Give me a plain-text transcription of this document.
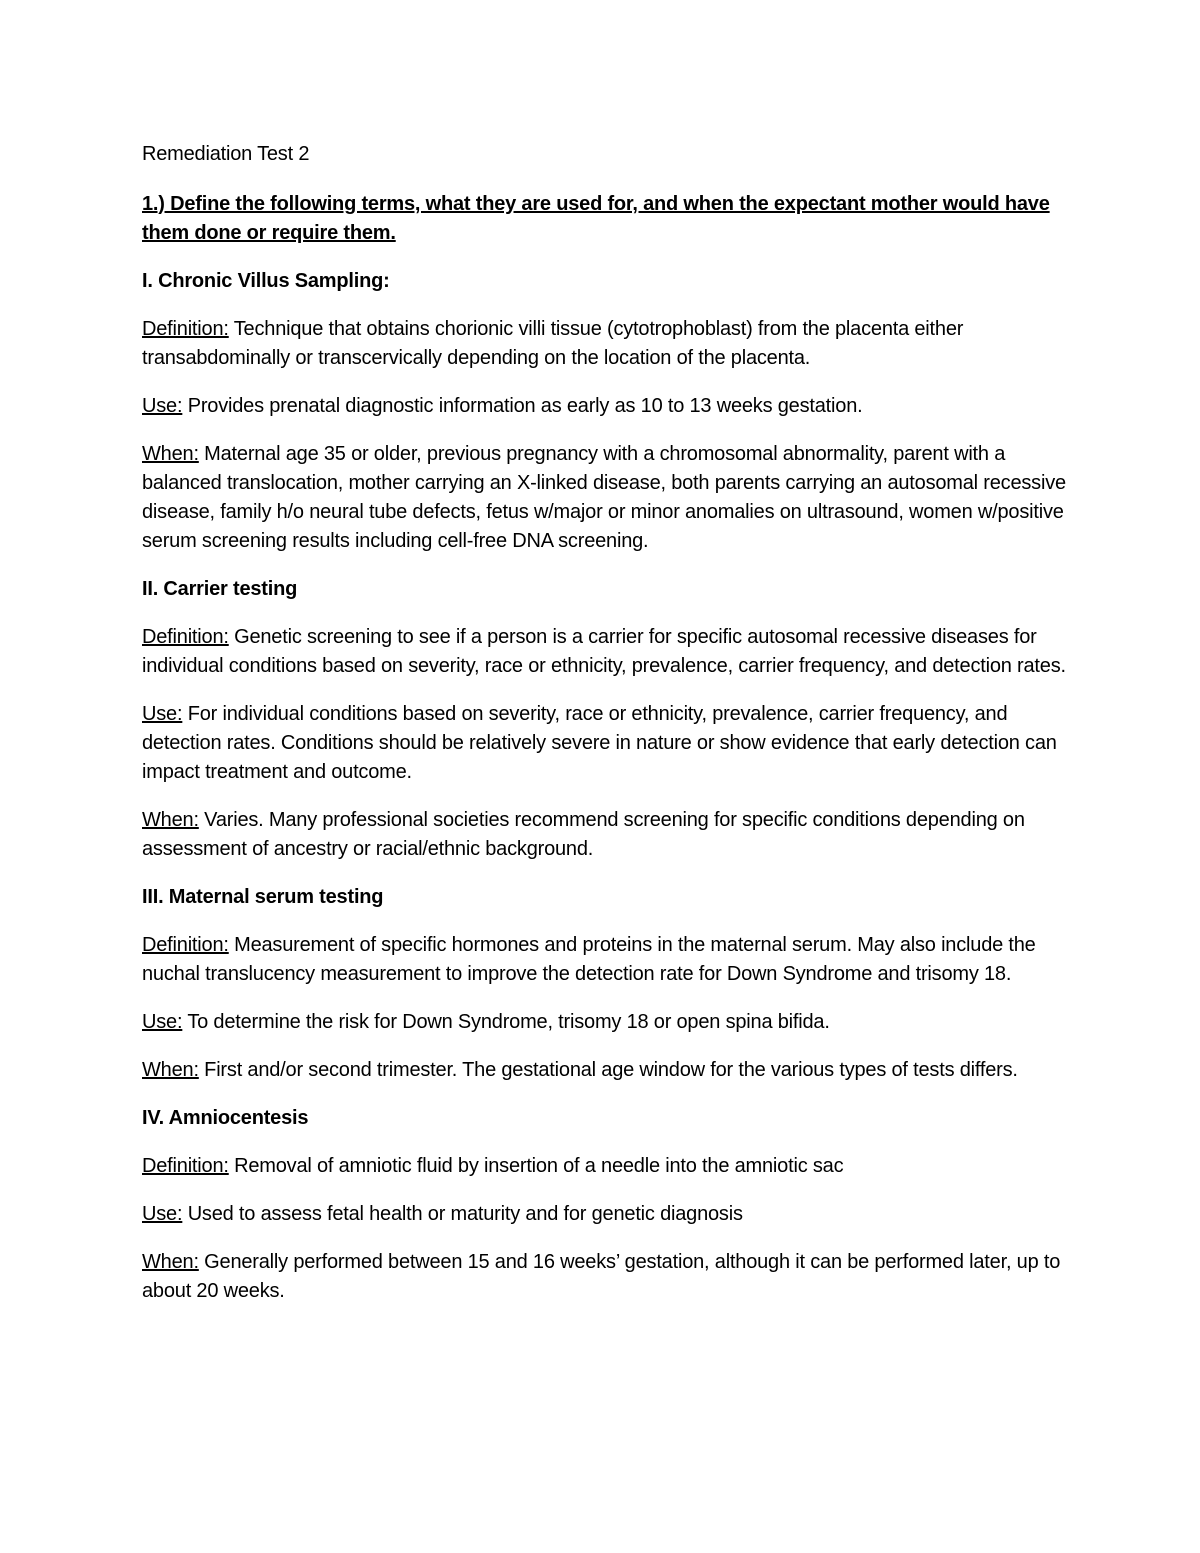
Remediation Test 2

1.) Define the following terms, what they are used for, and when the expectant mother would have them done or require them.

I. Chronic Villus Sampling:

Definition: Technique that obtains chorionic villi tissue (cytotrophoblast) from the placenta either transabdominally or transcervically depending on the location of the placenta.

Use: Provides prenatal diagnostic information as early as 10 to 13 weeks gestation.

When: Maternal age 35 or older, previous pregnancy with a chromosomal abnormality, parent with a balanced translocation, mother carrying an X-linked disease, both parents carrying an autosomal recessive disease, family h/o neural tube defects, fetus w/major or minor anomalies on ultrasound, women w/positive serum screening results including cell-free DNA screening.

II. Carrier testing

Definition: Genetic screening to see if a person is a carrier for specific autosomal recessive diseases for individual conditions based on severity, race or ethnicity, prevalence, carrier frequency, and detection rates.

Use: For individual conditions based on severity, race or ethnicity, prevalence, carrier frequency, and detection rates. Conditions should be relatively severe in nature or show evidence that early detection can impact treatment and outcome.

When: Varies. Many professional societies recommend screening for specific conditions depending on assessment of ancestry or racial/ethnic background.

III. Maternal serum testing

Definition: Measurement of specific hormones and proteins in the maternal serum. May also include the nuchal translucency measurement to improve the detection rate for Down Syndrome and trisomy 18.

Use: To determine the risk for Down Syndrome, trisomy 18 or open spina bifida.

When: First and/or second trimester. The gestational age window for the various types of tests differs.

IV. Amniocentesis

Definition: Removal of amniotic fluid by insertion of a needle into the amniotic sac

Use: Used to assess fetal health or maturity and for genetic diagnosis

When: Generally performed between 15 and 16 weeks’ gestation, although it can be performed later, up to about 20 weeks.
